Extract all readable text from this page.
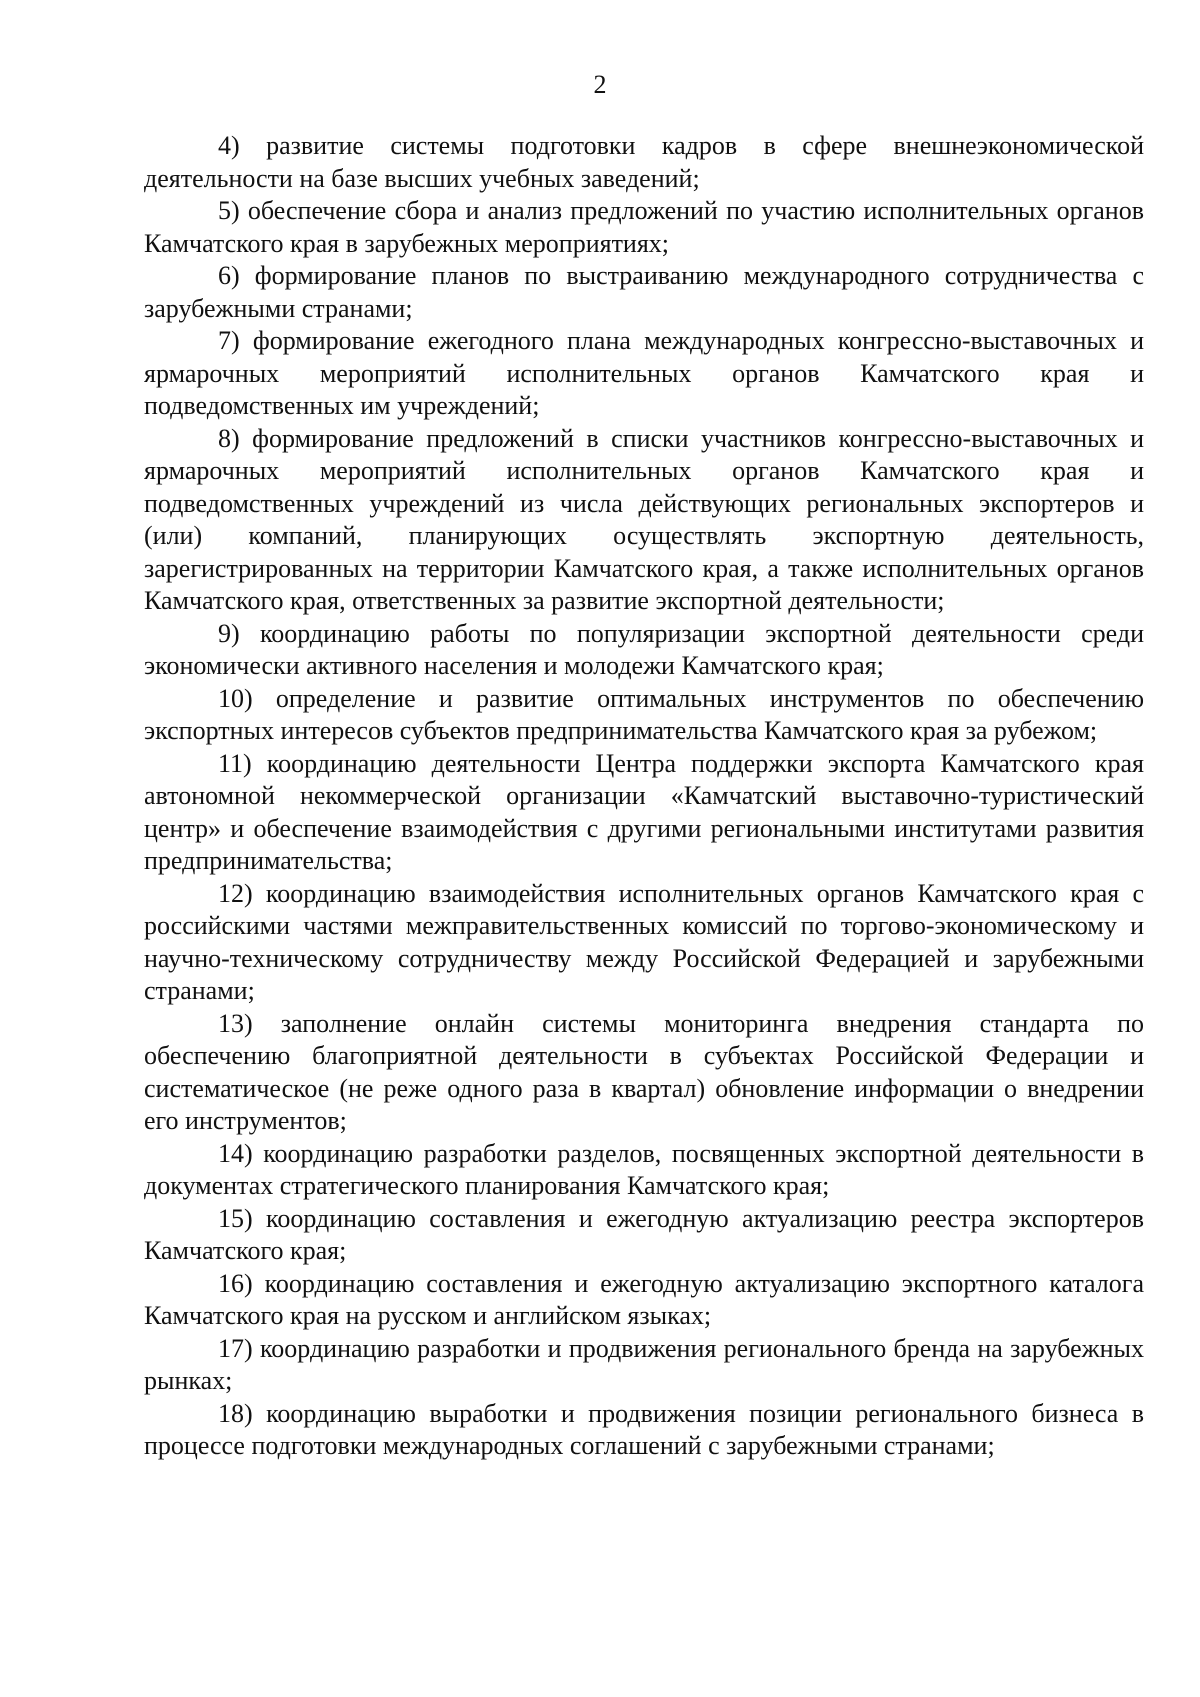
2

4) развитие системы подготовки кадров в сфере внешнеэкономической деятельности на базе высших учебных заведений;

5) обеспечение сбора и анализ предложений по участию исполнительных органов Камчатского края в зарубежных мероприятиях;

6) формирование планов по выстраиванию международного сотрудничества с зарубежными странами;

7) формирование ежегодного плана международных конгрессно-выставочных и ярмарочных мероприятий исполнительных органов Камчатского края и подведомственных им учреждений;

8) формирование предложений в списки участников конгрессно-выставочных и ярмарочных мероприятий исполнительных органов Камчатского края и подведомственных учреждений из числа действующих региональных экспортеров и (или) компаний, планирующих осуществлять экспортную деятельность, зарегистрированных на территории Камчатского края, а также исполнительных органов Камчатского края, ответственных за развитие экспортной деятельности;

9) координацию работы по популяризации экспортной деятельности среди экономически активного населения и молодежи Камчатского края;

10) определение и развитие оптимальных инструментов по обеспечению экспортных интересов субъектов предпринимательства Камчатского края за рубежом;

11) координацию деятельности Центра поддержки экспорта Камчатского края автономной некоммерческой организации «Камчатский выставочно-туристический центр» и обеспечение взаимодействия с другими региональными институтами развития предпринимательства;

12) координацию взаимодействия исполнительных органов Камчатского края с российскими частями межправительственных комиссий по торгово-экономическому и научно-техническому сотрудничеству между Российской Федерацией и зарубежными странами;

13) заполнение онлайн системы мониторинга внедрения стандарта по обеспечению благоприятной деятельности в субъектах Российской Федерации и систематическое (не реже одного раза в квартал) обновление информации о внедрении его инструментов;

14) координацию разработки разделов, посвященных экспортной деятельности в документах стратегического планирования Камчатского края;

15) координацию составления и ежегодную актуализацию реестра экспортеров Камчатского края;

16) координацию составления и ежегодную актуализацию экспортного каталога Камчатского края на русском и английском языках;

17) координацию разработки и продвижения регионального бренда на зарубежных рынках;

18) координацию выработки и продвижения позиции регионального бизнеса в процессе подготовки международных соглашений с зарубежными странами;
